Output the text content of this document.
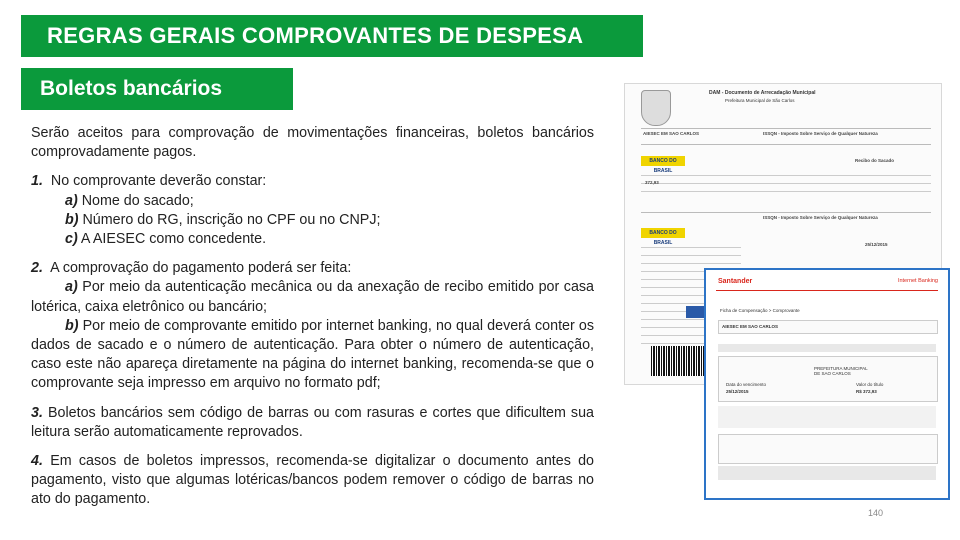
REGRAS GERAIS COMPROVANTES DE DESPESA
Boletos bancários

Serão aceitos para comprovação de movimentações financeiras, boletos bancários comprovadamente pagos.

1. No comprovante deverão constar:
a) Nome do sacado;
b) Número do RG, inscrição no CPF ou no CNPJ;
c) A AIESEC como concedente.

2. A comprovação do pagamento poderá ser feita:
a) Por meio da autenticação mecânica ou da anexação de recibo emitido por casa lotérica, caixa eletrônico ou bancário;
b) Por meio de comprovante emitido por internet banking, no qual deverá conter os dados de sacado e o número de autenticação. Para obter o número de autenticação, caso este não apareça diretamente na página do internet banking, recomenda-se que o comprovante seja impresso em arquivo no formato pdf;

3. Boletos bancários sem código de barras ou com rasuras e cortes que dificultem sua leitura serão automaticamente reprovados.

4. Em casos de boletos impressos, recomenda-se digitalizar o documento antes do pagamento, visto que algumas lotéricas/bancos podem remover o código de barras no ato do pagamento.

DAM - Documento de Arrecadação Municipal
Prefeitura Municipal de São Carlos
AIESEC EM SAO CARLOS	ISSQN - Imposto Sobre Serviço de Qualquer Natureza
BANCO DO BRASIL
Recibo do Sacado
372,93
ISSQN - Imposto Sobre Serviço de Qualquer Natureza
BANCO DO BRASIL	25/12/2015
Santander	Internet Banking
Ficha de Compensação > Comprovante
AIESEC EM SAO CARLOS
PREFEITURA MUNICIPAL DE SAO CARLOS
Data do vencimento
25/12/2015
Valor do título
R$ 372,93
140
